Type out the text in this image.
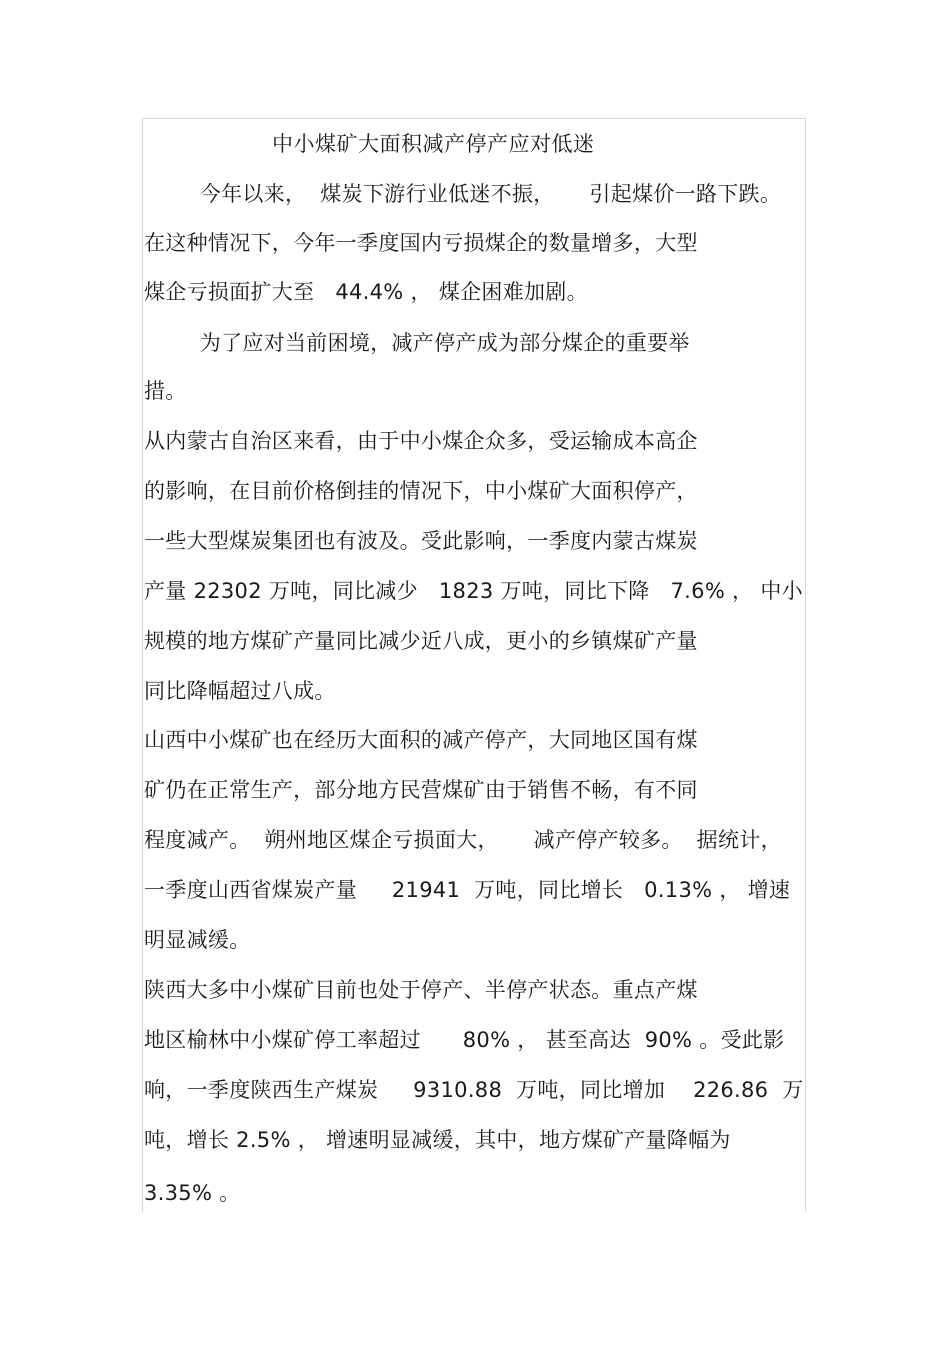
中小煤矿大面积减产停产应对低迷
今年以来，  煤炭下游行业低迷不振，     引起煤价一路下跌。
在这种情况下，今年一季度国内亏损煤企的数量增多，大型
煤企亏损面扩大至   44.4% ， 煤企困难加剧。
为了应对当前困境，减产停产成为部分煤企的重要举
措。
从内蒙古自治区来看，由于中小煤企众多，受运输成本高企
的影响，在目前价格倒挂的情况下，中小煤矿大面积停产，
一些大型煤炭集团也有波及。受此影响，一季度内蒙古煤炭
产量 22302 万吨，同比减少   1823 万吨，同比下降   7.6% ， 中小
规模的地方煤矿产量同比减少近八成，更小的乡镇煤矿产量
同比降幅超过八成。
山西中小煤矿也在经历大面积的减产停产，大同地区国有煤
矿仍在正常生产，部分地方民营煤矿由于销售不畅，有不同
程度减产。  朔州地区煤企亏损面大，     减产停产较多。  据统计，
一季度山西省煤炭产量     21941  万吨，同比增长   0.13% ， 增速
明显减缓。
陕西大多中小煤矿目前也处于停产、半停产状态。重点产煤
地区榆林中小煤矿停工率超过      80% ， 甚至高达  90% 。受此影
响，一季度陕西生产煤炭     9310.88  万吨，同比增加    226.86  万
吨，增长 2.5% ， 增速明显减缓，其中，地方煤矿产量降幅为
3.35% 。
